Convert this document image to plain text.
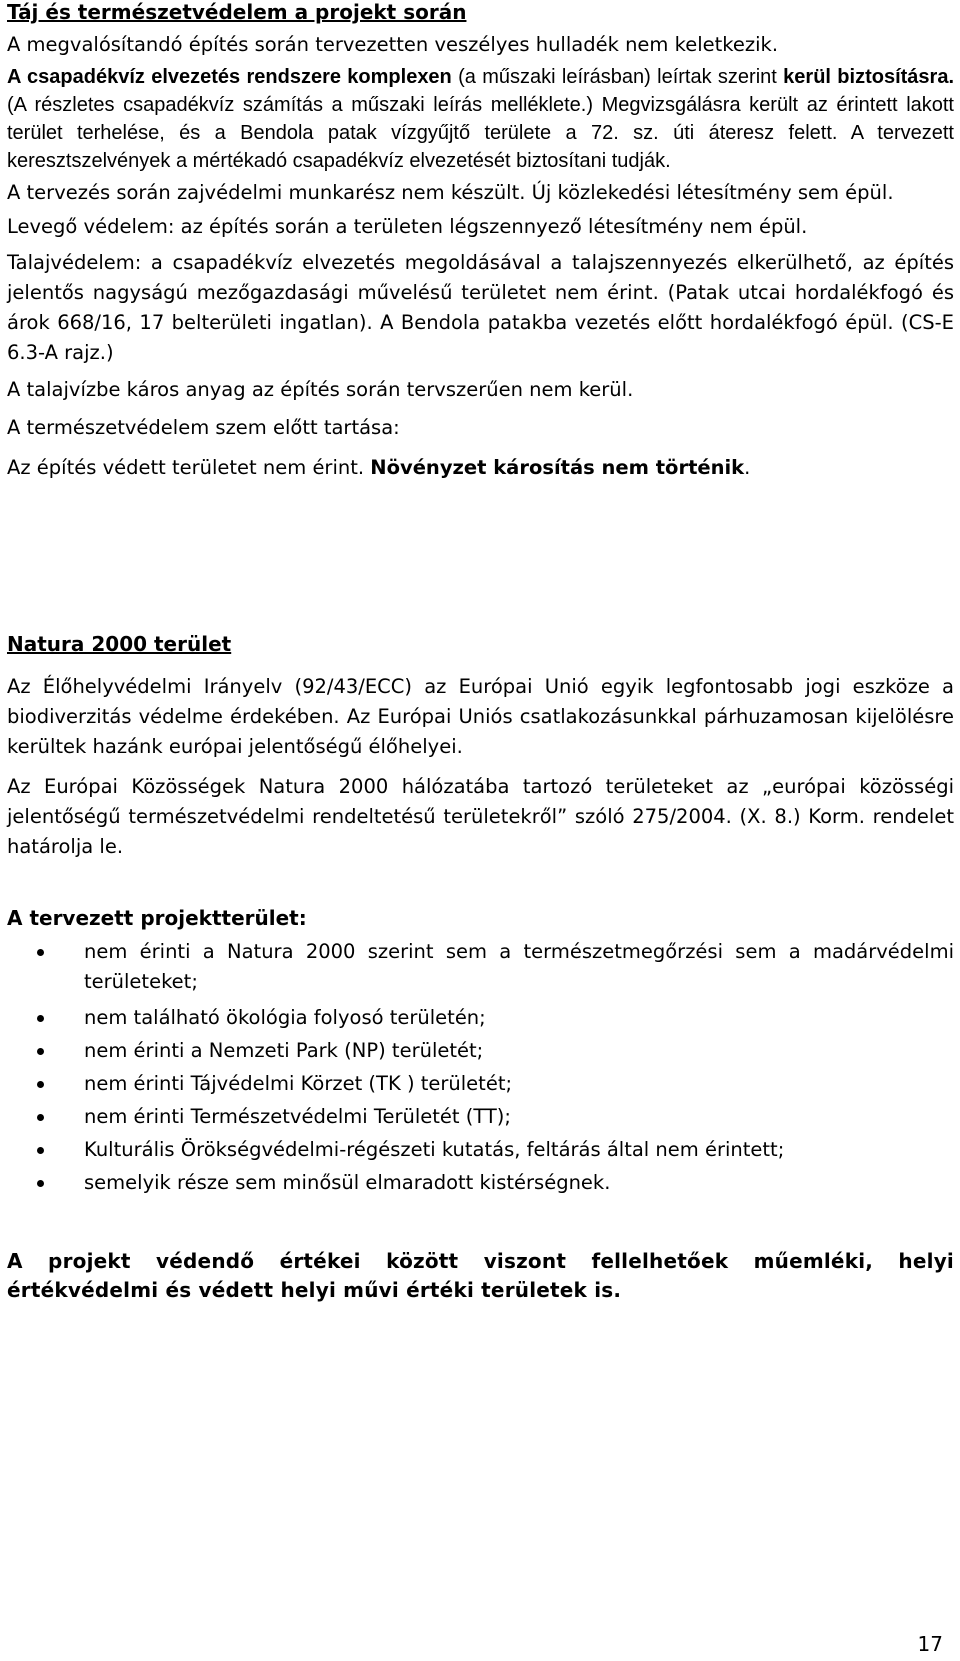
Táj és természetvédelem a projekt során

A megvalósítandó építés során tervezetten veszélyes hulladék nem keletkezik.

A csapadékvíz elvezetés rendszere komplexen (a műszaki leírásban) leírtak szerint kerül biztosításra. (A részletes csapadékvíz számítás a műszaki leírás melléklete.) Megvizsgálásra került az érintett lakott terület terhelése, és a Bendola patak vízgyűjtő területe a 72. sz. úti áteresz felett. A tervezett keresztszelvények a mértékadó csapadékvíz elvezetését biztosítani tudják.

A tervezés során zajvédelmi munkarész nem készült. Új közlekedési létesítmény sem épül.

Levegő védelem: az építés során a területen légszennyező létesítmény nem épül.

Talajvédelem: a csapadékvíz elvezetés megoldásával a talajszennyezés elkerülhető, az építés jelentős nagyságú mezőgazdasági művelésű területet nem érint. (Patak utcai hordalékfogó és árok 668/16, 17 belterületi ingatlan). A Bendola patakba vezetés előtt hordalékfogó épül. (CS-E 6.3-A rajz.)

A talajvízbe káros anyag az építés során tervszerűen nem kerül.

A természetvédelem szem előtt tartása:

Az építés védett területet nem érint. Növényzet károsítás nem történik.

Natura 2000 terület

Az Élőhelyvédelmi Irányelv (92/43/ECC) az Európai Unió egyik legfontosabb jogi eszköze a biodiverzitás védelme érdekében. Az Európai Uniós csatlakozásunkkal párhuzamosan kijelölésre kerültek hazánk európai jelentőségű élőhelyei.

Az Európai Közösségek Natura 2000 hálózatába tartozó területeket az „európai közösségi jelentőségű természetvédelmi rendeltetésű területekről” szóló 275/2004. (X. 8.) Korm. rendelet határolja le.

A tervezett projektterület:

nem érinti a Natura 2000 szerint sem a természetmegőrzési sem a madárvédelmi területeket;
nem található ökológia folyosó területén;
nem érinti a Nemzeti Park (NP) területét;
nem érinti Tájvédelmi Körzet (TK ) területét;
nem érinti Természetvédelmi Területét (TT);
Kulturális Örökségvédelmi-régészeti kutatás, feltárás által nem érintett;
semelyik része sem minősül elmaradott kistérségnek.

A projekt védendő értékei között viszont fellelhetőek műemléki, helyi értékvédelmi és védett helyi művi értéki területek is.

17
